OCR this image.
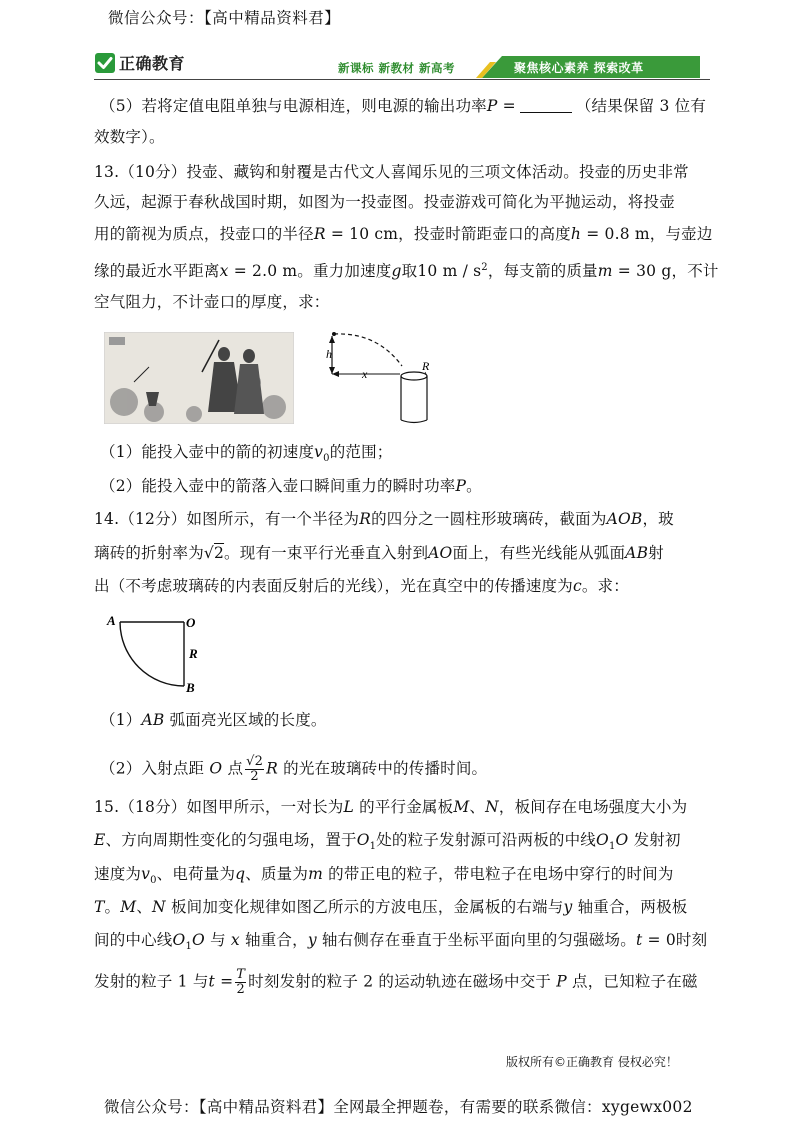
微信公众号：【高中精品资料君】
正确教育	新课标 新教材 新高考	聚焦核心素养 探索改革
（5）若将定值电阻单独与电源相连，则电源的输出功率P =	（结果保留 3 位有
效数字）。
13.（10分）投壶、藏钩和射覆是古代文人喜闻乐见的三项文体活动。投壶的历史非常
久远，起源于春秋战国时期，如图为一投壶图。投壶游戏可简化为平抛运动，将投壶
用的箭视为质点，投壶口的半径R = 10 cm，投壶时箭距壶口的高度h = 0.8 m，与壶边
缘的最近水平距离x = 2.0 m。重力加速度g取10 m / $s^2$，每支箭的质量m = 30 g，不计
空气阻力，不计壶口的厚度，求：
h
x
R
（1）能投入壶中的箭的初速度$v_0$的范围；
（2）能投入壶中的箭落入壶口瞬间重力的瞬时功率P。
14.（12分）如图所示，有一个半径为R的四分之一圆柱形玻璃砖，截面为AOB，玻
璃砖的折射率为√2。现有一束平行光垂直入射到AO面上，有些光线能从弧面AB射
出（不考虑玻璃砖的内表面反射后的光线），光在真空中的传播速度为c。求：
A	O
R
B
（1）AB 弧面亮光区域的长度。
（2）入射点距 O 点 $\frac{√2}{2}$ R 的光在玻璃砖中的传播时间。
15.（18分）如图甲所示，一对长为L 的平行金属板M、N，板间存在电场强度大小为
E、方向周期性变化的匀强电场，置于$O_1$处的粒子发射源可沿两板的中线$O_1O$ 发射初
速度为$v_0$、电荷量为q、质量为m 的带正电的粒子，带电粒子在电场中穿行的时间为
T。M、N 板间加变化规律如图乙所示的方波电压，金属板的右端与y 轴重合，两极板
间的中心线$O_1O$ 与 x 轴重合，y 轴右侧存在垂直于坐标平面向里的匀强磁场。t = 0时刻
发射的粒子 1 与$t = \frac{T}{2}$ 时刻发射的粒子 2 的运动轨迹在磁场中交于 P 点，已知粒子在磁
版权所有©正确教育 侵权必究！
微信公众号：【高中精品资料君】全网最全押题卷，有需要的联系微信：xygewx002
